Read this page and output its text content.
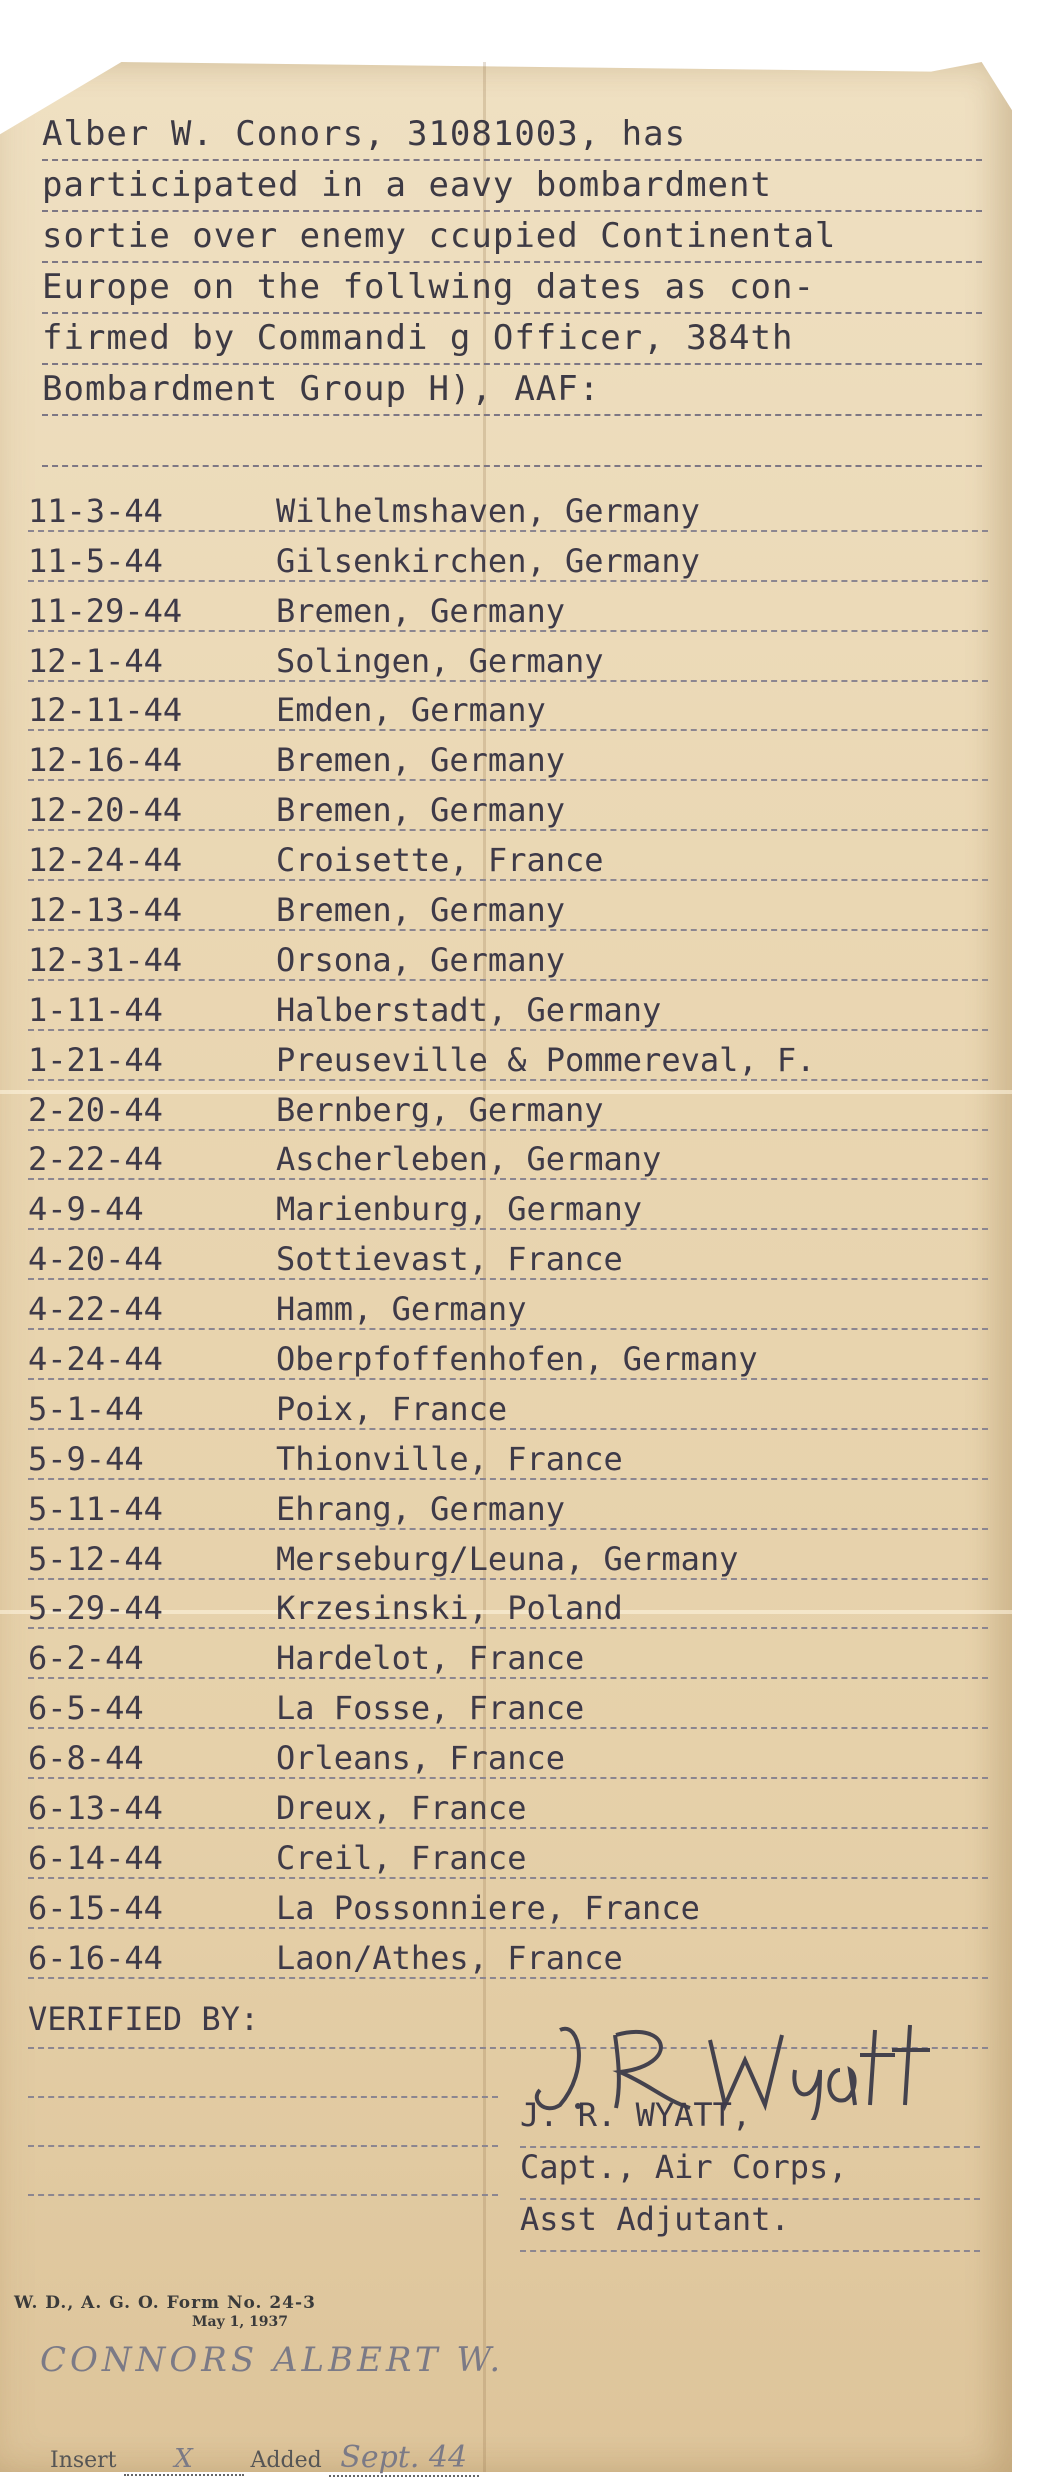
Alber W. Conors, 31081003, has
participated in a eavy bombardment
sortie over enemy ccupied Continental
Europe on the follwing dates as con-
firmed by Commandi g Officer, 384th
Bombardment Group H), AAF:

11-3-44	Wilhelmshaven, Germany
11-5-44	Gilsenkirchen, Germany
11-29-44	Bremen, Germany
12-1-44	Solingen, Germany
12-11-44	Emden, Germany
12-16-44	Bremen, Germany
12-20-44	Bremen, Germany
12-24-44	Croisette, France
12-13-44	Bremen, Germany
12-31-44	Orsona, Germany
1-11-44	Halberstadt, Germany
1-21-44	Preuseville & Pommereval, F.
2-20-44	Bernberg, Germany
2-22-44	Ascherleben, Germany
4-9-44	Marienburg, Germany
4-20-44	Sottievast, France
4-22-44	Hamm, Germany
4-24-44	Oberpfoffenhofen, Germany
5-1-44	Poix, France
5-9-44	Thionville, France
5-11-44	Ehrang, Germany
5-12-44	Merseburg/Leuna, Germany
5-29-44	Krzesinski, Poland
6-2-44	Hardelot, France
6-5-44	La Fosse, France
6-8-44	Orleans, France
6-13-44	Dreux, France
6-14-44	Creil, France
6-15-44	La Possonniere, France
6-16-44	Laon/Athes, France
VERIFIED BY:
J. R. WYATT,
Capt., Air Corps,
Asst Adjutant.
W. D., A. G. O. Form No. 24-3
May 1, 1937
CONNORS ALBERT W.
Insert X	Added Sept. 44
